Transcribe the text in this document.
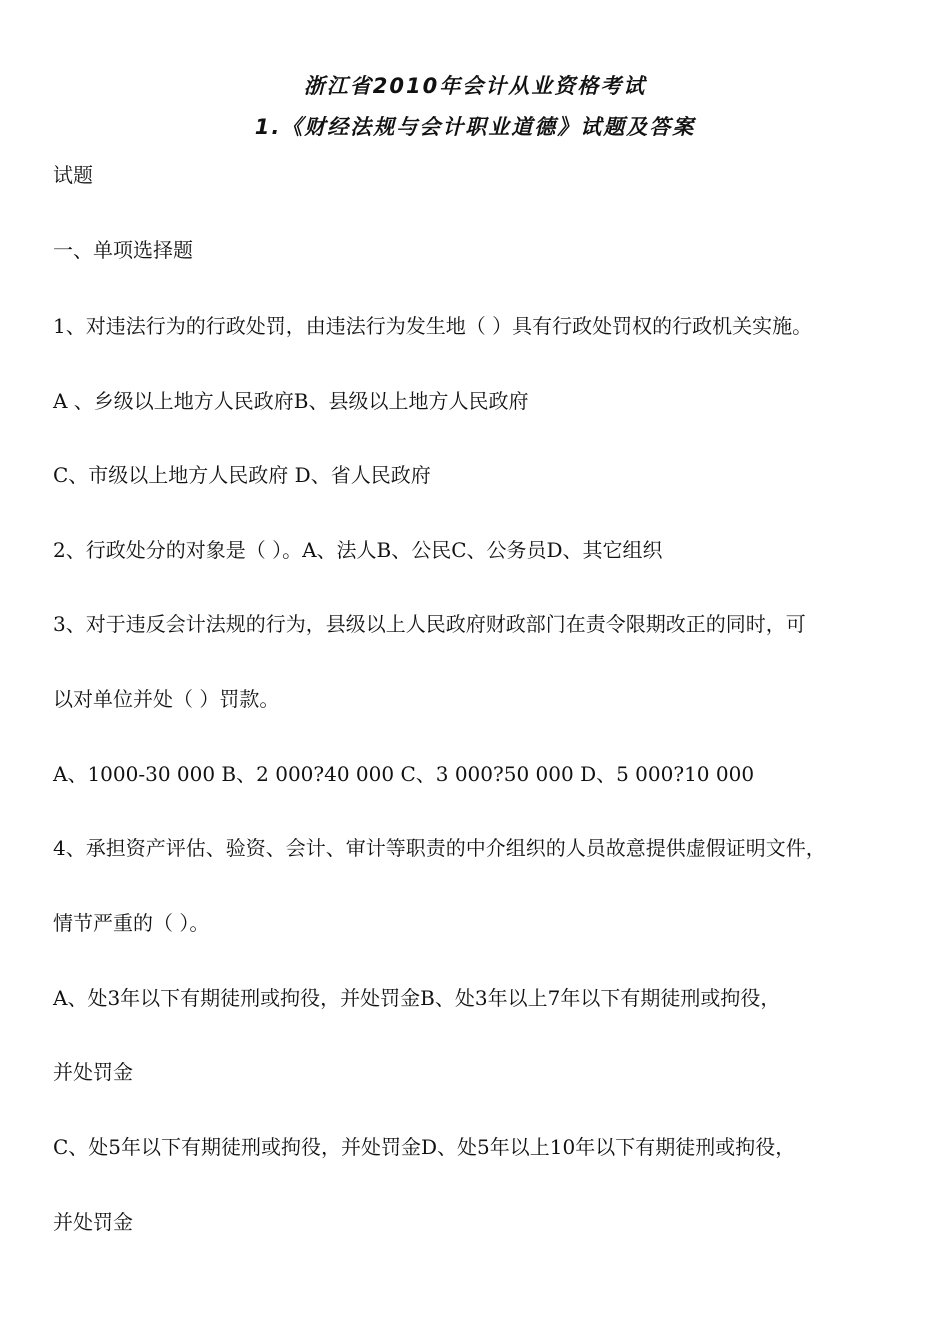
浙江省2010年会计从业资格考试
1.《财经法规与会计职业道德》试题及答案
试题
一、单项选择题
1、对违法行为的行政处罚，由违法行为发生地（ ）具有行政处罚权的行政机关实施。
A 、乡级以上地方人民政府B、县级以上地方人民政府
C、市级以上地方人民政府 D、省人民政府
2、行政处分的对象是（ ）。A、法人B、公民C、公务员D、其它组织
3、对于违反会计法规的行为，县级以上人民政府财政部门在责令限期改正的同时，可
以对单位并处（ ）罚款。
A、1000-30 000 B、2 000?40 000 C、3 000?50 000 D、5 000?10 000
4、承担资产评估、验资、会计、审计等职责的中介组织的人员故意提供虚假证明文件，
情节严重的（ ）。
A、处3年以下有期徒刑或拘役，并处罚金B、处3年以上7年以下有期徒刑或拘役，
并处罚金
C、处5年以下有期徒刑或拘役，并处罚金D、处5年以上10年以下有期徒刑或拘役，
并处罚金
